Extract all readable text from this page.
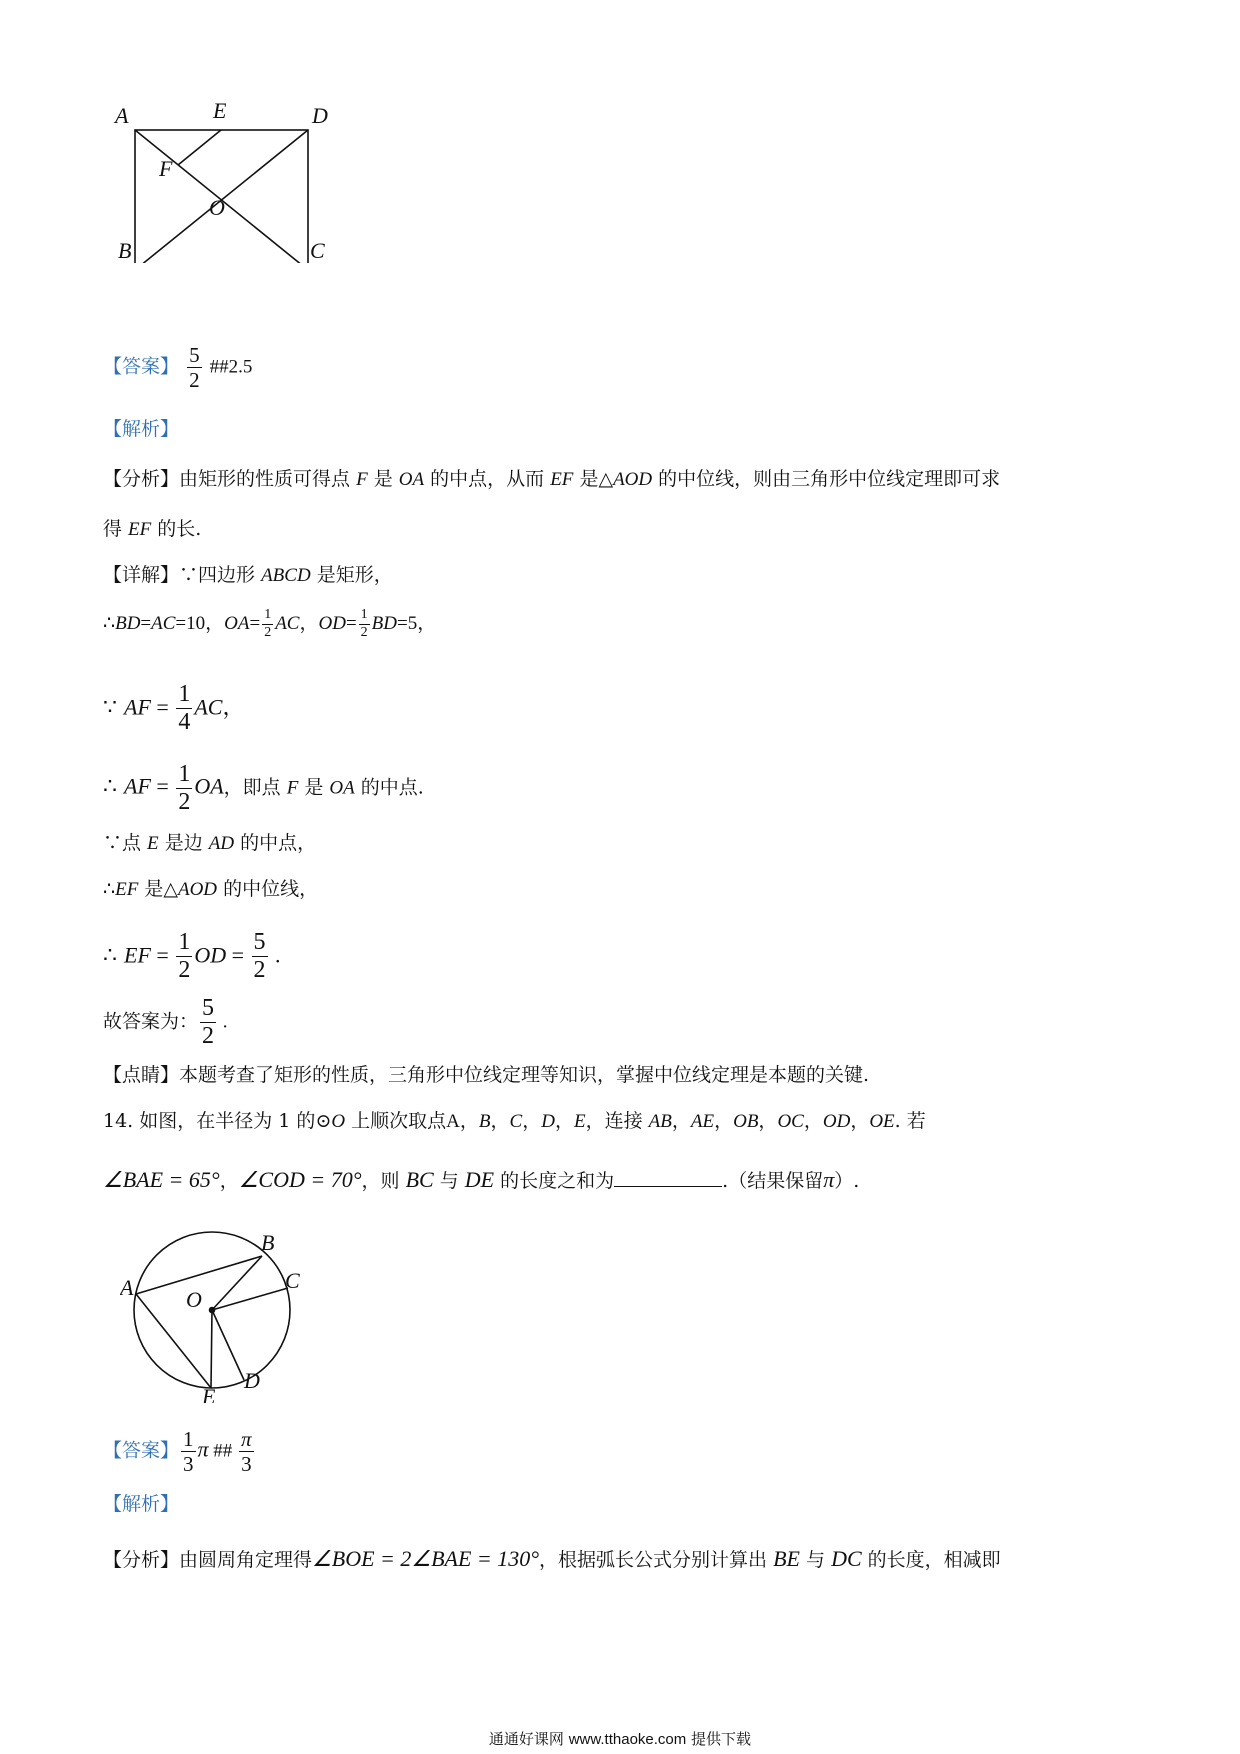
A	E	D
F
O
B	C
【答案】 $\frac{5}{2}$ ##2.5
【解析】
【分析】由矩形的性质可得点 F 是 OA 的中点，从而 EF 是△AOD 的中位线，则由三角形中位线定理即可求
得 EF 的长.
【详解】∵四边形 ABCD 是矩形，
∴BD=AC=10，$OA= \frac{1}{2}$ AC，$OD= \frac{1}{2} BD=5$，
∵ AF = $\frac{1}{4}$ AC，
∴ AF = $\frac{1}{2}$ OA，即点 F 是 OA 的中点.
∵点 E 是边 AD 的中点，
∴EF 是△AOD 的中位线，
∴ EF = $\frac{1}{2}$ OD = $\frac{5}{2}$ .
故答案为： $\frac{5}{2}$ .
【点睛】本题考查了矩形的性质，三角形中位线定理等知识，掌握中位线定理是本题的关键.
14. 如图，在半径为 1 的⊙O 上顺次取点A，B，C，D，E，连接 AB，AE，OB，OC，OD，OE. 若
∠BAE = 65°，∠COD = 70°，则 BC 与 DE 的长度之和为	.（结果保留π）.
A
B
C
O
D
E
【答案】 $\frac{1}{3}$ π ## $\frac{\pi}{3}$
【解析】
【分析】由圆周角定理得∠BOE = 2∠BAE = 130°，根据弧长公式分别计算出 BE 与 DC 的长度，相减即
通通好课网 www.tthaoke.com 提供下载
